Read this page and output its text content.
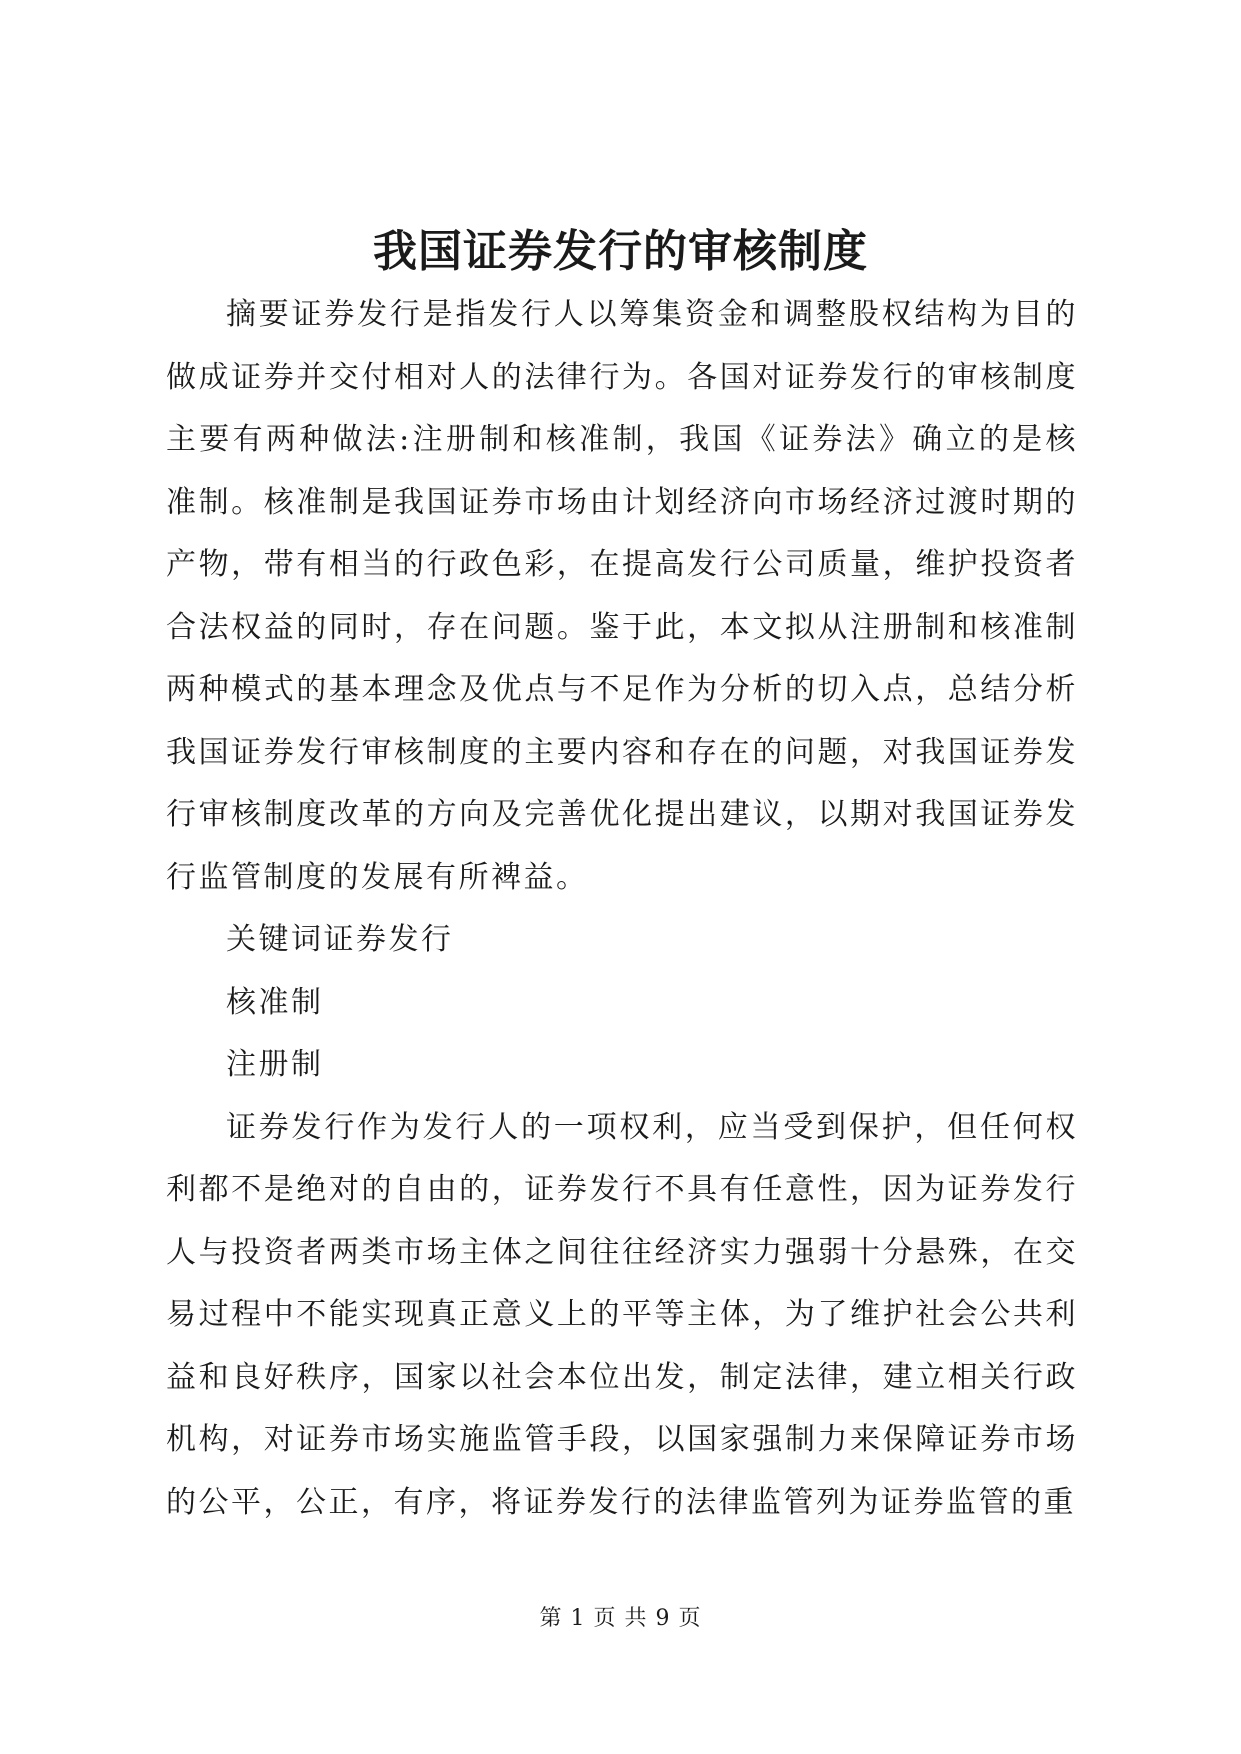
我国证券发行的审核制度

摘要证券发行是指发行人以筹集资金和调整股权结构为目的做成证券并交付相对人的法律行为。各国对证券发行的审核制度主要有两种做法:注册制和核准制，我国《证券法》确立的是核准制。核准制是我国证券市场由计划经济向市场经济过渡时期的产物，带有相当的行政色彩，在提高发行公司质量，维护投资者合法权益的同时，存在问题。鉴于此，本文拟从注册制和核准制两种模式的基本理念及优点与不足作为分析的切入点，总结分析我国证券发行审核制度的主要内容和存在的问题，对我国证券发行审核制度改革的方向及完善优化提出建议，以期对我国证券发行监管制度的发展有所裨益。

关键词证券发行

核准制

注册制

证券发行作为发行人的一项权利，应当受到保护，但任何权利都不是绝对的自由的，证券发行不具有任意性，因为证券发行人与投资者两类市场主体之间往往经济实力强弱十分悬殊，在交易过程中不能实现真正意义上的平等主体，为了维护社会公共利益和良好秩序，国家以社会本位出发，制定法律，建立相关行政机构，对证券市场实施监管手段，以国家强制力来保障证券市场的公平，公正，有序，将证券发行的法律监管列为证券监管的重

第 1 页 共 9 页
